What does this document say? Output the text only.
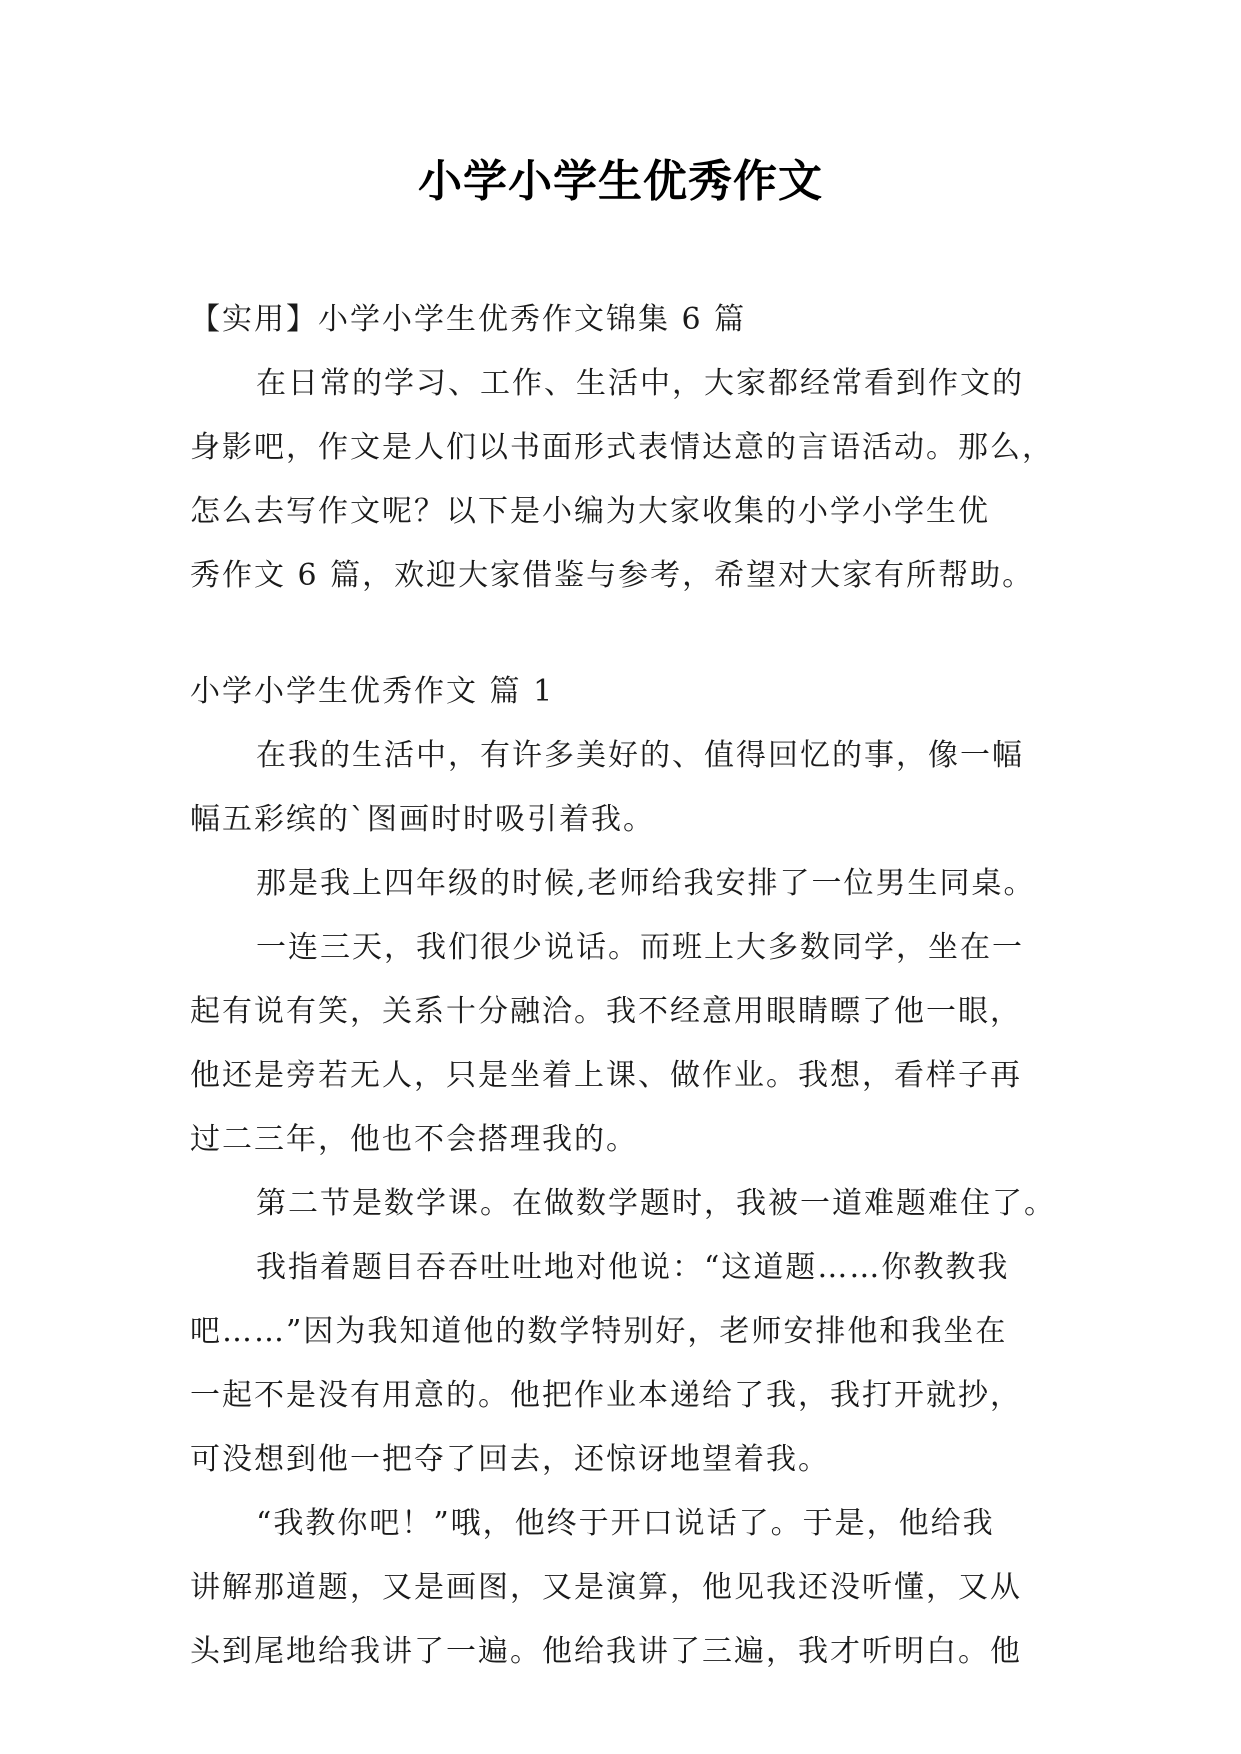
小学小学生优秀作文
【实用】小学小学生优秀作文锦集 6 篇
在日常的学习、工作、生活中，大家都经常看到作文的
身影吧，作文是人们以书面形式表情达意的言语活动。那么，
怎么去写作文呢？以下是小编为大家收集的小学小学生优
秀作文 6 篇，欢迎大家借鉴与参考，希望对大家有所帮助。
小学小学生优秀作文 篇 1
在我的生活中，有许多美好的、值得回忆的事，像一幅
幅五彩缤的`图画时时吸引着我。
那是我上四年级的时候,老师给我安排了一位男生同桌。
一连三天，我们很少说话。而班上大多数同学，坐在一
起有说有笑，关系十分融洽。我不经意用眼睛瞟了他一眼，
他还是旁若无人，只是坐着上课、做作业。我想，看样子再
过二三年，他也不会搭理我的。
第二节是数学课。在做数学题时，我被一道难题难住了。
我指着题目吞吞吐吐地对他说：“这道题……你教教我
吧……”因为我知道他的数学特别好，老师安排他和我坐在
一起不是没有用意的。他把作业本递给了我，我打开就抄，
可没想到他一把夺了回去，还惊讶地望着我。
“我教你吧！”哦，他终于开口说话了。于是，他给我
讲解那道题，又是画图，又是演算，他见我还没听懂，又从
头到尾地给我讲了一遍。他给我讲了三遍，我才听明白。他
